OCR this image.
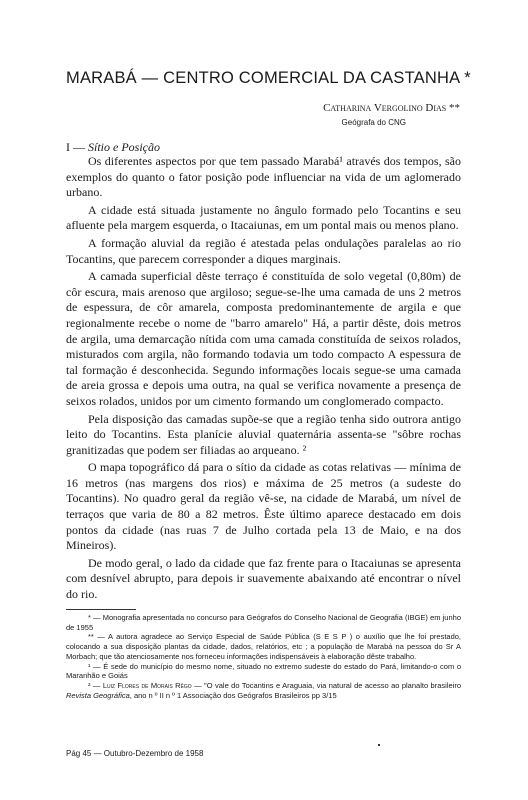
MARABÁ — CENTRO COMERCIAL DA CASTANHA *
Catharina Vergolino Dias **
Geógrafa do CNG
I — Sítio e Posição

Os diferentes aspectos por que tem passado Marabá¹ através dos tempos, são exemplos do quanto o fator posição pode influenciar na vida de um aglomerado urbano.

A cidade está situada justamente no ângulo formado pelo Tocantins e seu afluente pela margem esquerda, o Itacaiunas, em um pontal mais ou menos plano.

A formação aluvial da região é atestada pelas ondulações paralelas ao rio Tocantins, que parecem corresponder a diques marginais.

A camada superficial dêste terraço é constituída de solo vegetal (0,80m) de côr escura, mais arenoso que argiloso; segue-se-lhe uma camada de uns 2 metros de espessura, de côr amarela, composta predominantemente de argila e que regionalmente recebe o nome de "barro amarelo" Há, a partir dêste, dois metros de argila, uma demarcação nítida com uma camada constituída de seixos rolados, misturados com argila, não formando todavia um todo compacto A espessura de tal formação é desconhecida. Segundo informações locais segue-se uma camada de areia grossa e depois uma outra, na qual se verifica novamente a presença de seixos rolados, unidos por um cimento formando um conglomerado compacto.

Pela disposição das camadas supõe-se que a região tenha sido outrora antigo leito do Tocantins. Esta planície aluvial quaternária assenta-se "sôbre rochas granitizadas que podem ser filiadas ao arqueano. ²

O mapa topográfico dá para o sítio da cidade as cotas relativas — mínima de 16 metros (nas margens dos rios) e máxima de 25 metros (a sudeste do Tocantins). No quadro geral da região vê-se, na cidade de Marabá, um nível de terraços que varia de 80 a 82 metros. Êste último aparece destacado em dois pontos da cidade (nas ruas 7 de Julho cortada pela 13 de Maio, e na dos Mineiros).

De modo geral, o lado da cidade que faz frente para o Itacaiunas se apresenta com desnível abrupto, para depois ir suavemente abaixando até encontrar o nível do rio.

* — Monografia apresentada no concurso para Geógrafos do Conselho Nacional de Geografia (IBGE) em junho de 1955

** — A autora agradece ao Serviço Especial de Saúde Pública (S E S P ) o auxílio que lhe foi prestado, colocando a sua disposição plantas da cidade, dados, relatórios, etc ; a população de Marabá na pessoa do Sr A Morbach; que tão atenciosamente nos forneceu informações indispensáveis à elaboração dêste trabalho.

¹ — É sede do município do mesmo nome, situado no extremo sudeste do estado do Pará, limitando-o com o Maranhão e Goiás

² — Luiz Flores de Morais Rêgo — "O vale do Tocantins e Araguaia, via natural de acesso ao planalto brasileiro Revista Geográfica, ano n º II n º 1 Associação dos Geógrafos Brasileiros pp 3/15

Pág 45 — Outubro-Dezembro de 1958
